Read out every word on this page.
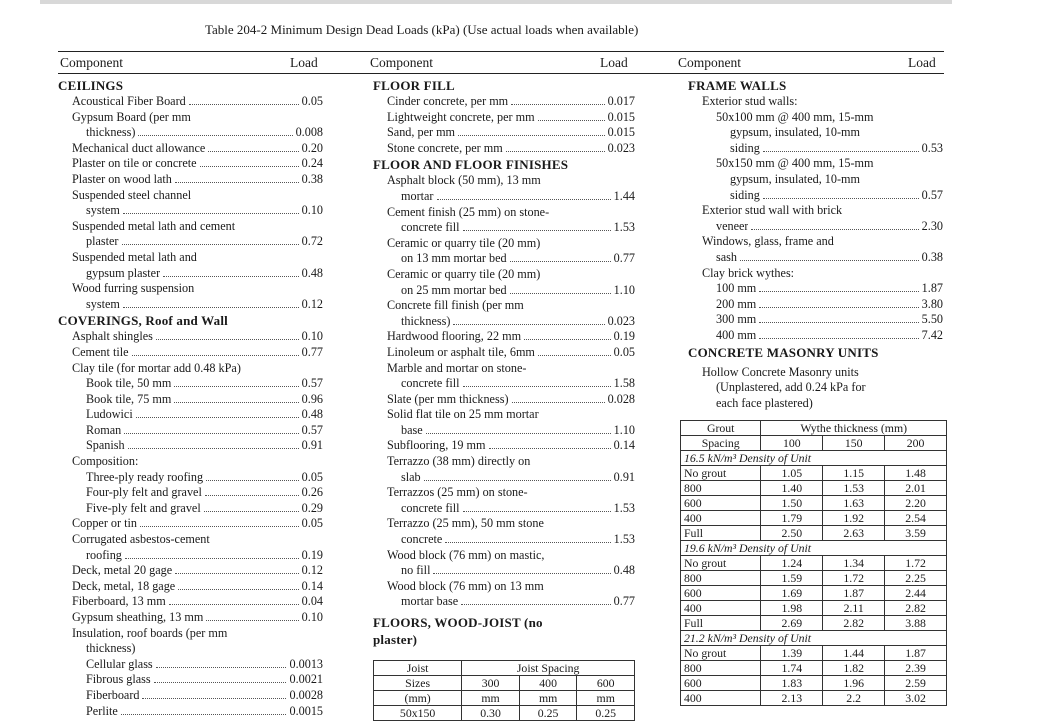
Table 204-2 Minimum Design Dead Loads (kPa) (Use actual loads when available)
Component	Load	Component	Load	Component	Load
CEILINGS
Acoustical Fiber Board	0.05
Gypsum Board (per mm
thickness)	0.008
Mechanical duct allowance	0.20
Plaster on tile or concrete	0.24
Plaster on wood lath	0.38
Suspended steel channel
system	0.10
Suspended metal lath and cement
plaster	0.72
Suspended metal lath and
gypsum plaster	0.48
Wood furring suspension
system	0.12
COVERINGS, Roof and Wall
Asphalt shingles	0.10
Cement tile	0.77
Clay tile (for mortar add 0.48 kPa)
Book tile, 50 mm	0.57
Book tile, 75 mm	0.96
Ludowici	0.48
Roman	0.57
Spanish	0.91
Composition:
Three-ply ready roofing	0.05
Four-ply felt and gravel	0.26
Five-ply felt and gravel	0.29
Copper or tin	0.05
Corrugated asbestos-cement
roofing	0.19
Deck, metal 20 gage	0.12
Deck, metal, 18 gage	0.14
Fiberboard, 13 mm	0.04
Gypsum sheathing, 13 mm	0.10
Insulation, roof boards (per mm
thickness)
Cellular glass	0.0013
Fibrous glass	0.0021
Fiberboard	0.0028
Perlite	0.0015
FLOOR FILL
Cinder concrete, per mm	0.017
Lightweight concrete, per mm	0.015
Sand, per mm	0.015
Stone concrete, per mm	0.023
FLOOR AND FLOOR FINISHES
Asphalt block (50 mm), 13 mm
mortar	1.44
Cement finish (25 mm) on stone-
concrete fill	1.53
Ceramic or quarry tile (20 mm)
on 13 mm mortar bed	0.77
Ceramic or quarry tile (20 mm)
on 25 mm mortar bed	1.10
Concrete fill finish (per mm
thickness)	0.023
Hardwood flooring, 22 mm	0.19
Linoleum or asphalt tile, 6mm	0.05
Marble and mortar on stone-
concrete fill	1.58
Slate (per mm thickness)	0.028
Solid flat tile on 25 mm mortar
base	1.10
Subflooring, 19 mm	0.14
Terrazzo (38 mm) directly on
slab	0.91
Terrazzos (25 mm) on stone-
concrete fill	1.53
Terrazzo (25 mm), 50 mm stone
concrete	1.53
Wood block (76 mm) on mastic,
no fill	0.48
Wood block (76 mm) on 13 mm
mortar base	0.77
FLOORS, WOOD-JOIST (no
plaster)
FRAME WALLS
Exterior stud walls:
50x100 mm @ 400 mm, 15-mm
gypsum, insulated, 10-mm
siding	0.53
50x150 mm @ 400 mm, 15-mm
gypsum, insulated, 10-mm
siding	0.57
Exterior stud wall with brick
veneer	2.30
Windows, glass, frame and
sash	0.38
Clay brick wythes:
100 mm	1.87
200 mm	3.80
300 mm	5.50
400 mm	7.42
CONCRETE MASONRY UNITS
Hollow Concrete Masonry units
(Unplastered, add 0.24 kPa for
each face plastered)
Grout	Wythe thickness (mm)		
Spacing	100	150	200
16.5 kN/m³ Density of Unit			
No grout	1.05	1.15	1.48
800	1.40	1.53	2.01
600	1.50	1.63	2.20
400	1.79	1.92	2.54
Full	2.50	2.63	3.59
19.6 kN/m³ Density of Unit			
No grout	1.24	1.34	1.72
800	1.59	1.72	2.25
600	1.69	1.87	2.44
400	1.98	2.11	2.82
Full	2.69	2.82	3.88
21.2 kN/m³ Density of Unit			
No grout	1.39	1.44	1.87
800	1.74	1.82	2.39
600	1.83	1.96	2.59
400	2.13	2.2	3.02
Joist	Joist Spacing		
Sizes	300	400	600
(mm)	mm	mm	mm
50x150	0.30	0.25	0.25
